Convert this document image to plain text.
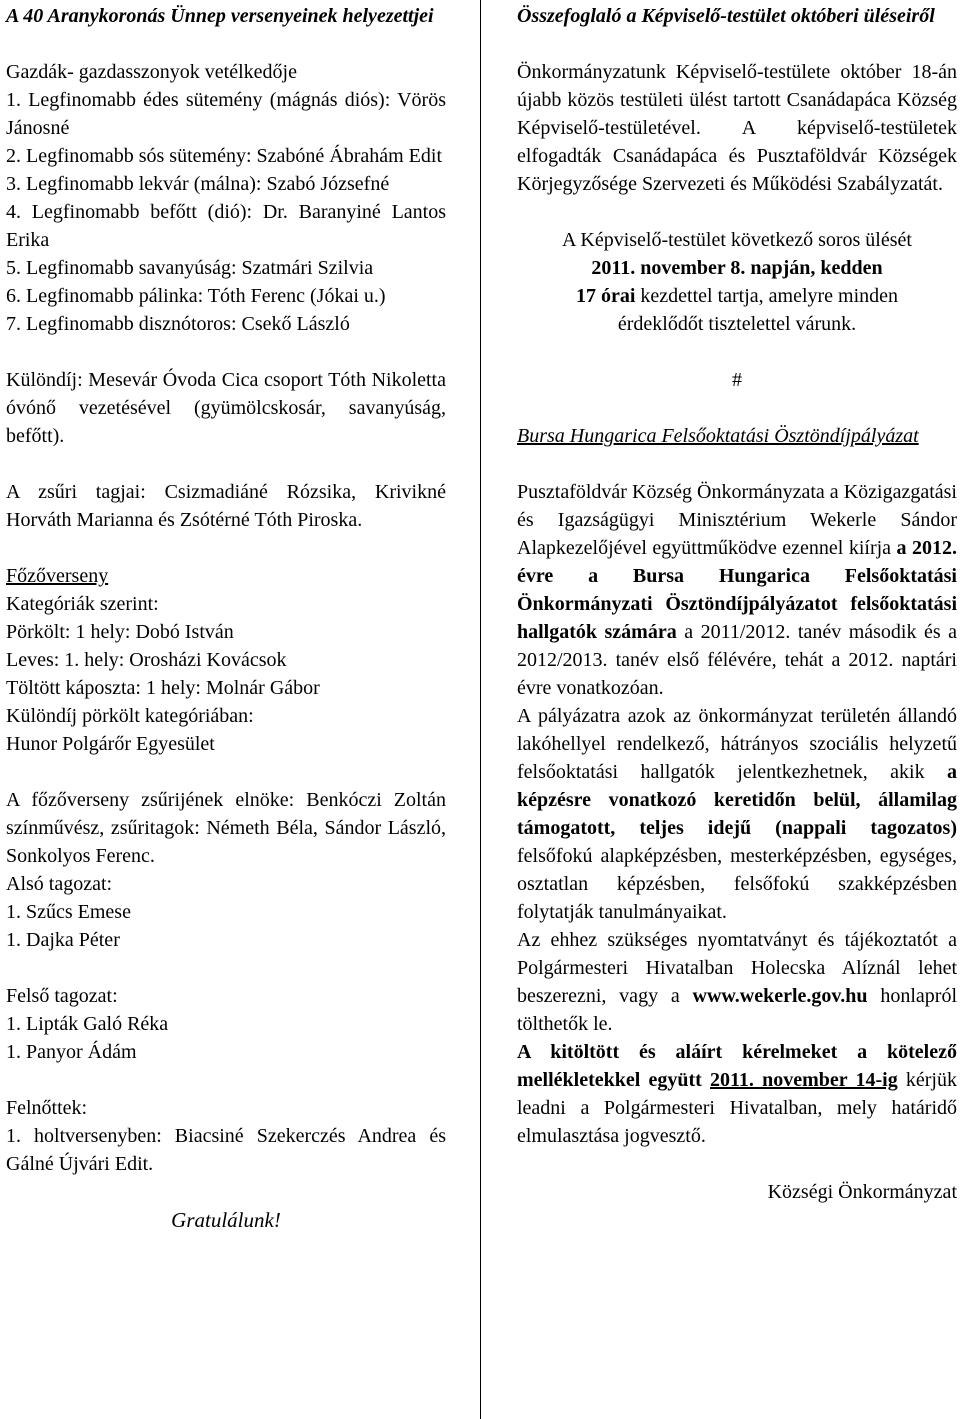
A 40 Aranykoronás Ünnep versenyeinek helyezettjei

Gazdák- gazdasszonyok vetélkedője

1. Legfinomabb édes sütemény (mágnás diós): Vörös Jánosné

2. Legfinomabb sós sütemény: Szabóné Ábrahám Edit

3. Legfinomabb lekvár (málna): Szabó Józsefné

4. Legfinomabb befőtt (dió): Dr. Baranyiné Lantos Erika

5. Legfinomabb savanyúság: Szatmári Szilvia

6. Legfinomabb pálinka: Tóth Ferenc (Jókai u.)

7. Legfinomabb disznótoros: Csekő László

Különdíj: Mesevár Óvoda Cica csoport Tóth Nikoletta óvónő vezetésével (gyümölcskosár, savanyúság, befőtt).

A zsűri tagjai: Csizmadiáné Rózsika, Krivikné Horváth Marianna és Zsótérné Tóth Piroska.

Főzőverseny

Kategóriák szerint:

Pörkölt: 1 hely: Dobó István

Leves: 1. hely: Orosházi Kovácsok

Töltött káposzta: 1 hely: Molnár Gábor

Különdíj pörkölt kategóriában:

Hunor Polgárőr Egyesület

A főzőverseny zsűrijének elnöke: Benkóczi Zoltán színművész, zsűritagok: Németh Béla, Sándor László, Sonkolyos Ferenc.

Alsó tagozat:

1. Szűcs Emese

1. Dajka Péter

Felső tagozat:

1. Lipták Galó Réka

1. Panyor Ádám

Felnőttek:

1. holtversenyben: Biacsiné Szekerczés Andrea és Gálné Újvári Edit.

Gratulálunk!

Összefoglaló a Képviselő-testület októberi üléseiről

Önkormányzatunk Képviselő-testülete október 18-án újabb közös testületi ülést tartott Csanádapáca Község Képviselő-testületével. A képviselő-testületek elfogadták Csanádapáca és Pusztaföldvár Községek Körjegyzősége Szervezeti és Működési Szabályzatát.

A Képviselő-testület következő soros ülését

2011. november 8. napján, kedden

17 órai kezdettel tartja, amelyre minden

érdeklődőt tisztelettel várunk.

#

Bursa Hungarica Felsőoktatási Ösztöndíjpályázat

Pusztaföldvár Község Önkormányzata a Közigazgatási és Igazságügyi Minisztérium Wekerle Sándor Alapkezelőjével együttműködve ezennel kiírja a 2012. évre a Bursa Hungarica Felsőoktatási Önkormányzati Ösztöndíjpályázatot felsőoktatási hallgatók számára a 2011/2012. tanév második és a 2012/2013. tanév első félévére, tehát a 2012. naptári évre vonatkozóan.

A pályázatra azok az önkormányzat területén állandó lakóhellyel rendelkező, hátrányos szociális helyzetű felsőoktatási hallgatók jelentkezhetnek, akik a képzésre vonatkozó keretidőn belül, államilag támogatott, teljes idejű (nappali tagozatos) felsőfokú alapképzésben, mesterképzésben, egységes, osztatlan képzésben, felsőfokú szakképzésben folytatják tanulmányaikat.

Az ehhez szükséges nyomtatványt és tájékoztatót a Polgármesteri Hivatalban Holecska Alíznál lehet beszerezni, vagy a www.wekerle.gov.hu honlapról tölthetők le.

A kitöltött és aláírt kérelmeket a kötelező mellékletekkel együtt 2011. november 14-ig kérjük leadni a Polgármesteri Hivatalban, mely határidő elmulasztása jogvesztő.

Községi Önkormányzat
